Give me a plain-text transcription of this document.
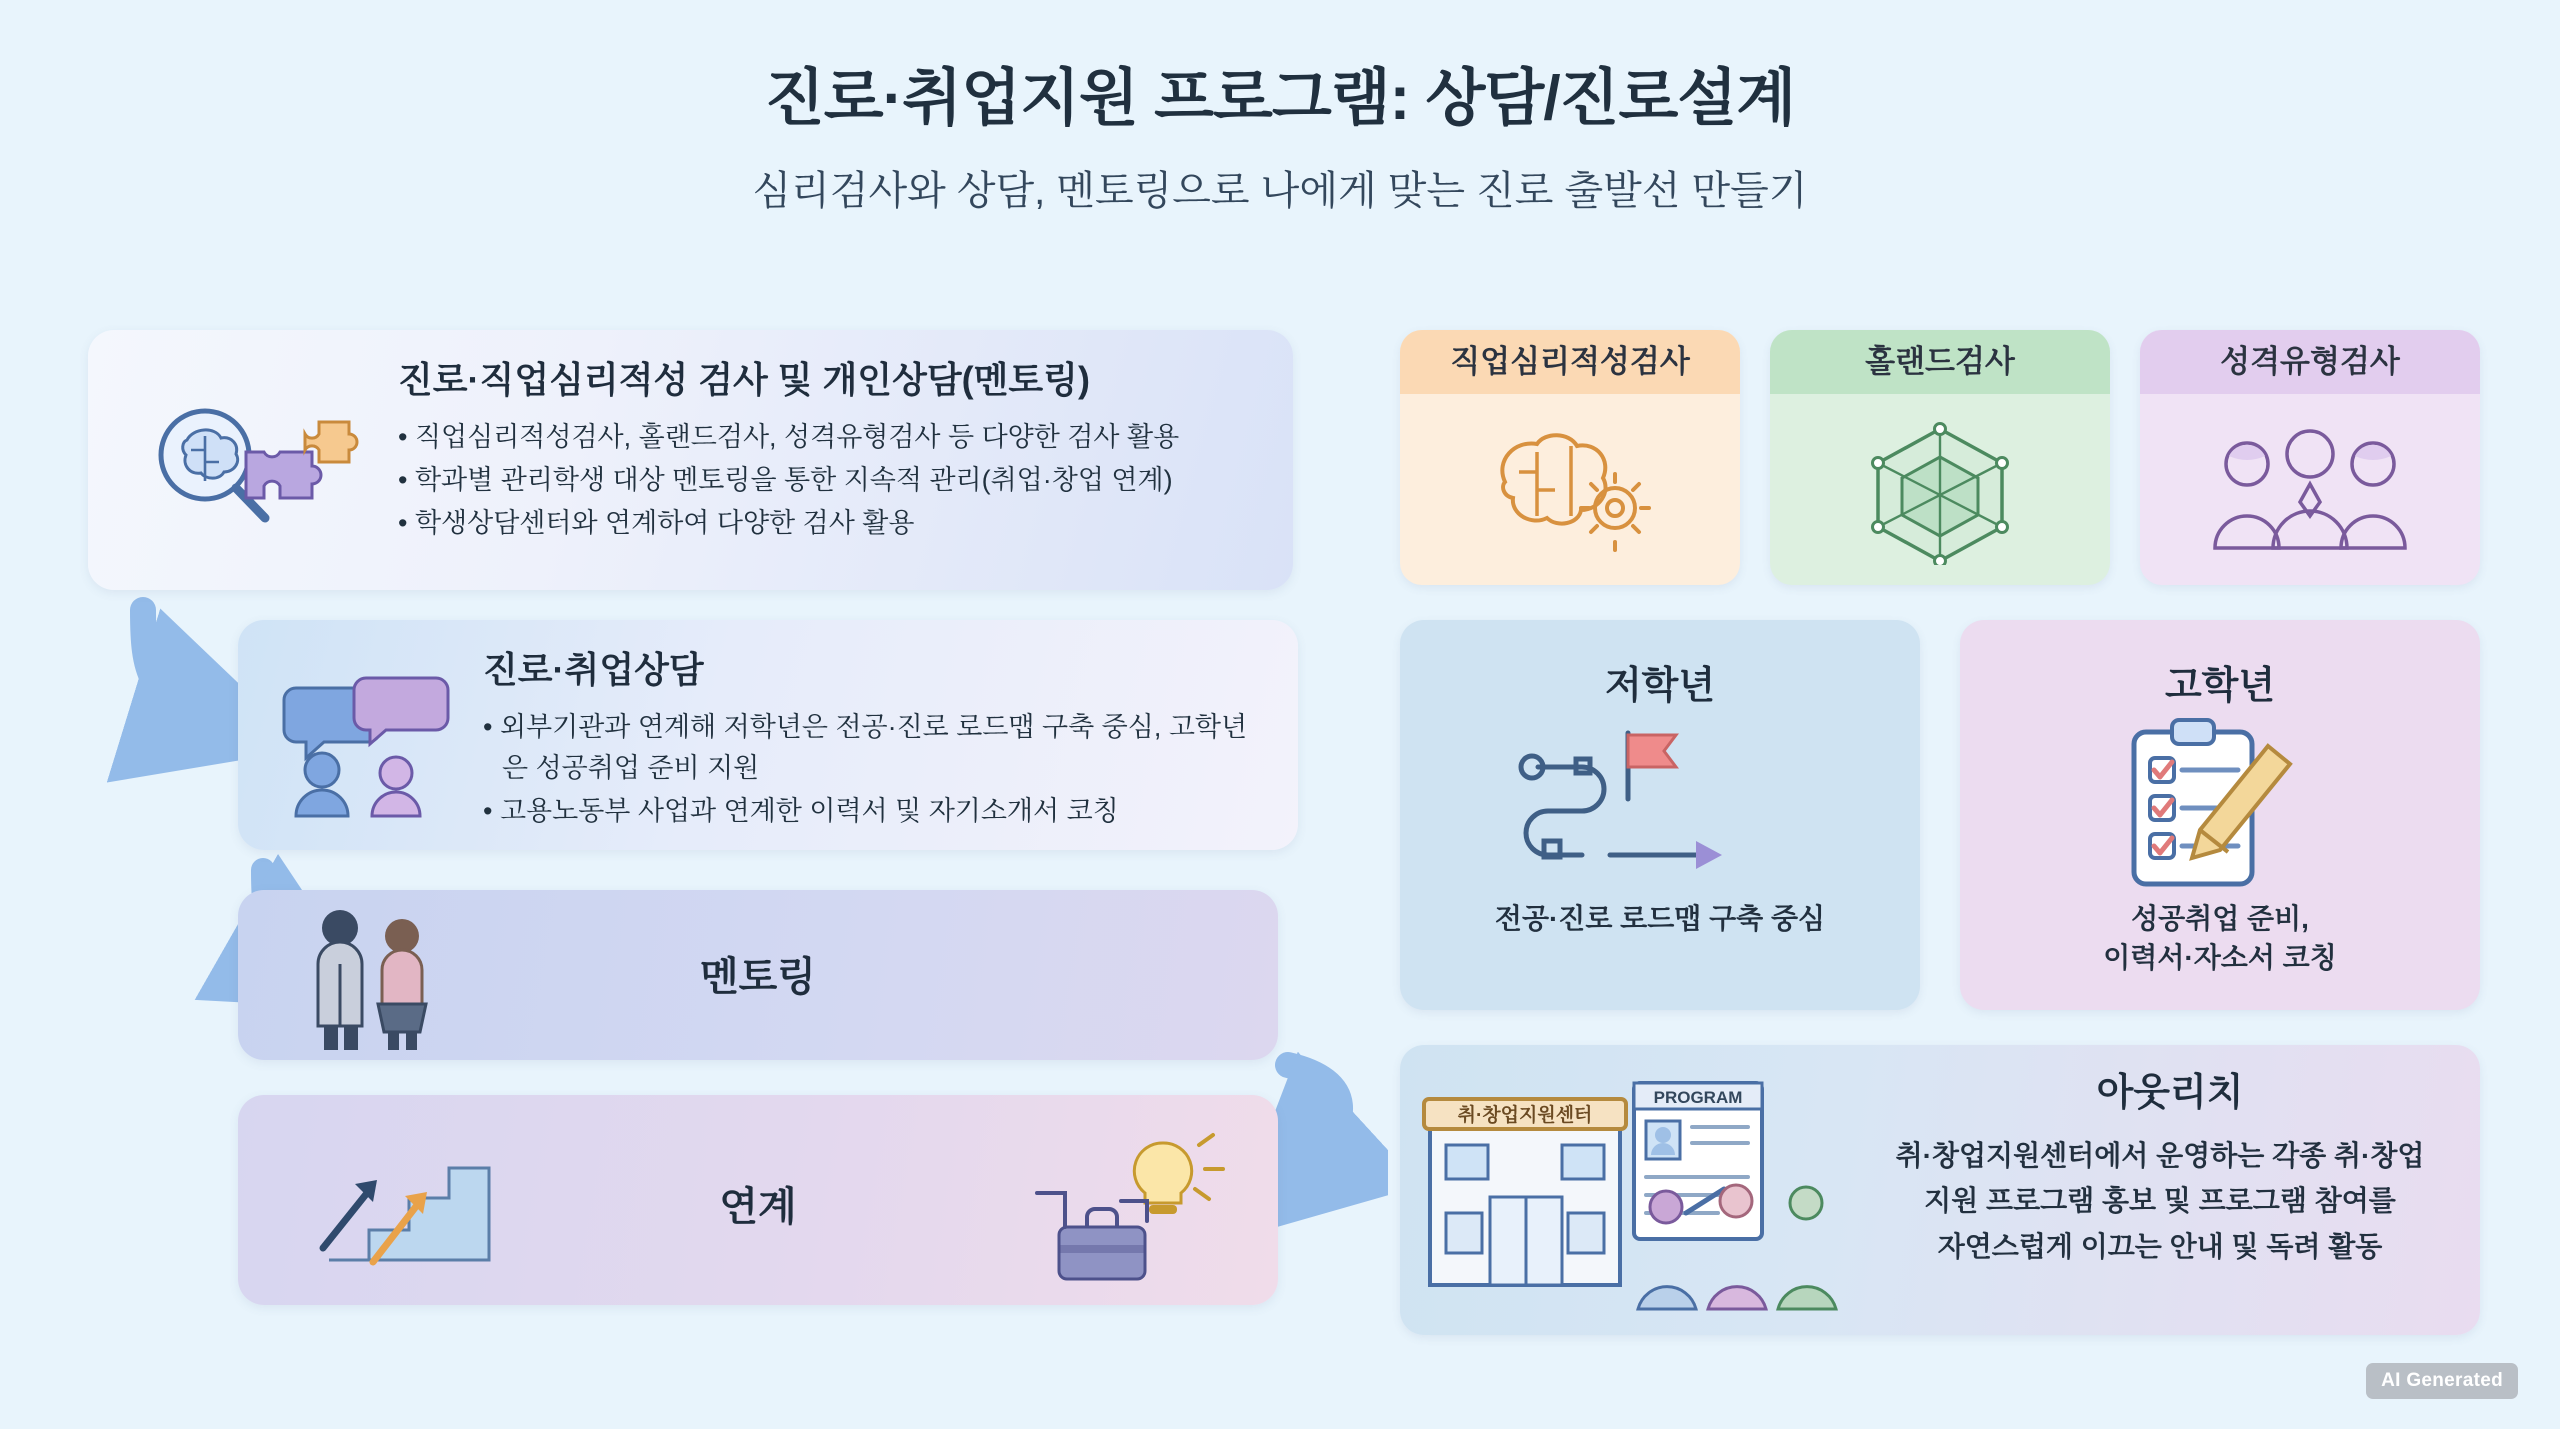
진로·취업지원 프로그램: 상담/진로설계

심리검사와 상담, 멘토링으로 나에게 맞는 진로 출발선 만들기

진로·직업심리적성 검사 및 개인상담(멘토링)
• 직업심리적성검사, 홀랜드검사, 성격유형검사 등 다양한 검사 활용
• 학과별 관리학생 대상 멘토링을 통한 지속적 관리(취업·창업 연계)
• 학생상담센터와 연계하여 다양한 검사 활용
진로·취업상담
• 외부기관과 연계해 저학년은 전공·진로 로드맵 구축 중심, 고학년은 성공취업 준비 지원
• 고용노동부 사업과 연계한 이력서 및 자기소개서 코칭
멘토링
연계
직업심리적성검사	홀랜드검사	성격유형검사
저학년
전공·진로 로드맵 구축 중심
고학년
성공취업 준비,
이력서·자소서 코칭
취·창업지원센터
PROGRAM	아웃리치
취·창업지원센터에서 운영하는 각종 취·창업
지원 프로그램 홍보 및 프로그램 참여를
자연스럽게 이끄는 안내 및 독려 활동
AI Generated
